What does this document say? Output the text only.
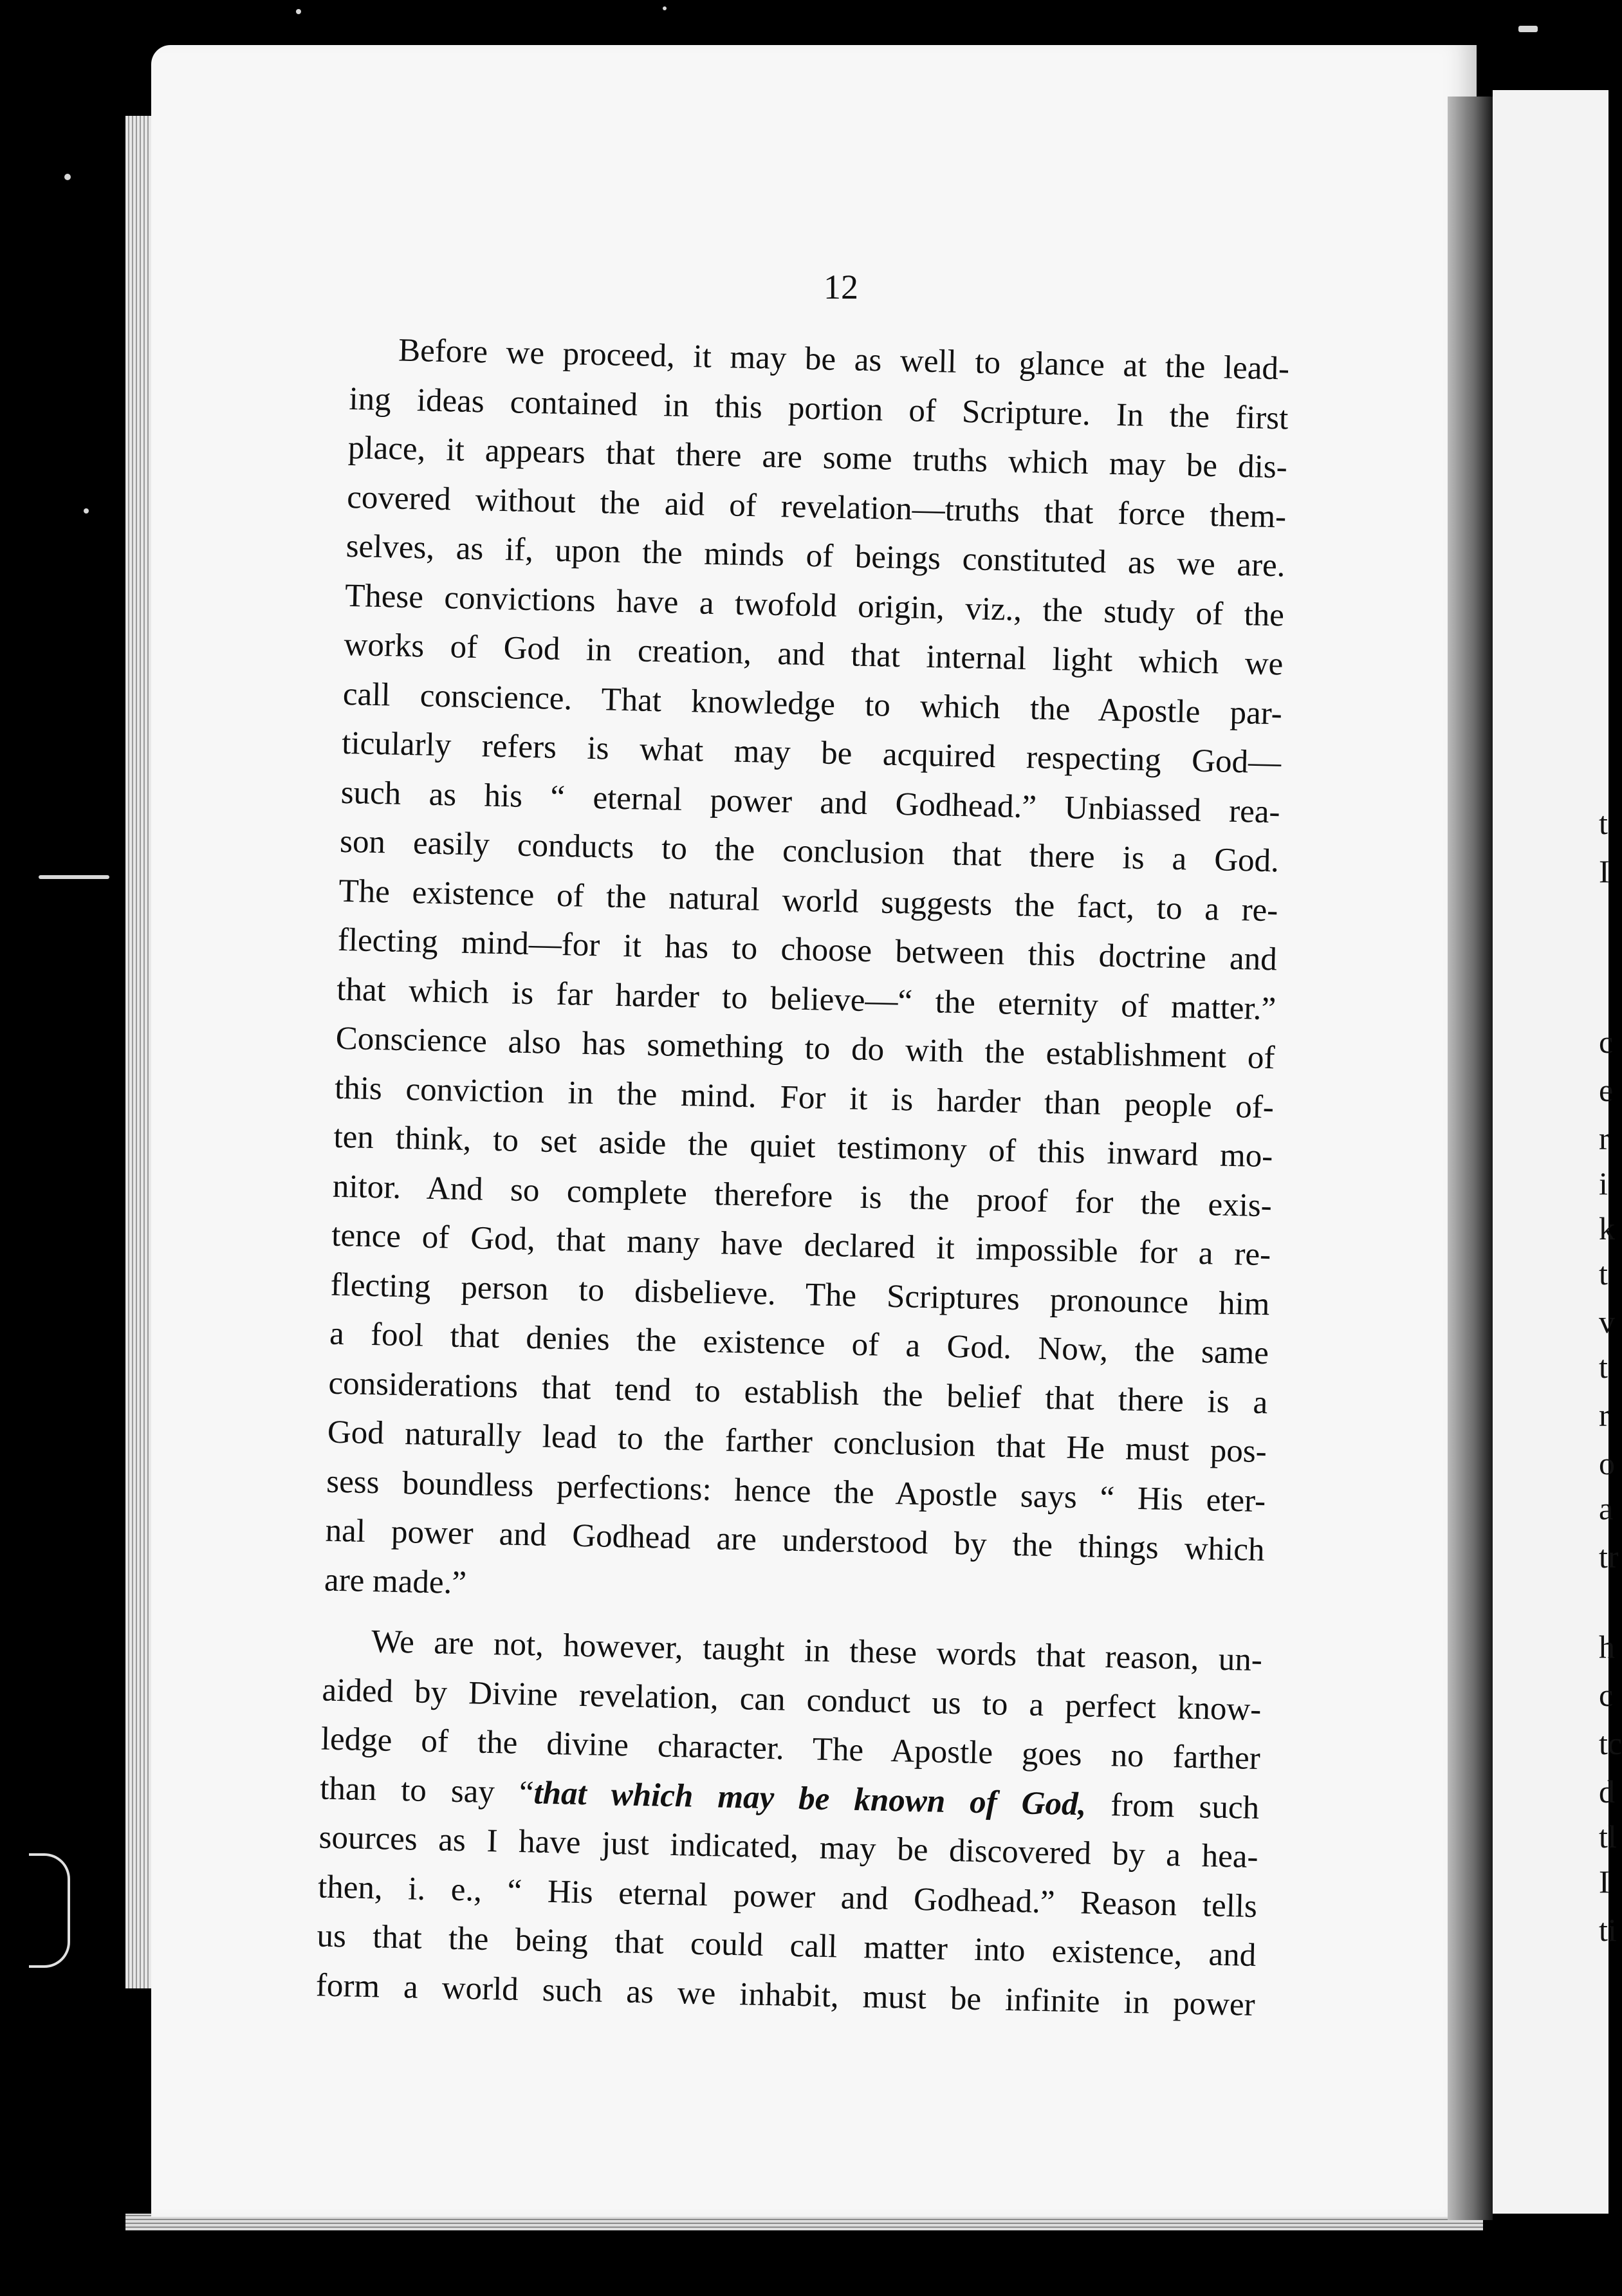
t
I
c
e
r
i
k
t
v
t
r
o
a
tr
h
c
tc
d
tl
I
ti
12
Before we proceed, it may be as well to glance at the lead-
ing ideas contained in this portion of Scripture. In the first
place, it appears that there are some truths which may be dis-
covered without the aid of revelation—truths that force them-
selves, as if, upon the minds of beings constituted as we are.
These convictions have a twofold origin, viz., the study of the
works of God in creation, and that internal light which we
call conscience. That knowledge to which the Apostle par-
ticularly refers is what may be acquired respecting God—
such as his “ eternal power and Godhead.” Unbiassed rea-
son easily conducts to the conclusion that there is a God.
The existence of the natural world suggests the fact, to a re-
flecting mind—for it has to choose between this doctrine and
that which is far harder to believe—“ the eternity of matter.”
Conscience also has something to do with the establishment of
this conviction in the mind. For it is harder than people of-
ten think, to set aside the quiet testimony of this inward mo-
nitor. And so complete therefore is the proof for the exis-
tence of God, that many have declared it impossible for a re-
flecting person to disbelieve. The Scriptures pronounce him
a fool that denies the existence of a God. Now, the same
considerations that tend to establish the belief that there is a
God naturally lead to the farther conclusion that He must pos-
sess boundless perfections: hence the Apostle says “ His eter-
nal power and Godhead are understood by the things which
are made.”
We are not, however, taught in these words that reason, un-
aided by Divine revelation, can conduct us to a perfect know-
ledge of the divine character. The Apostle goes no farther
than to say “that which may be known of God, from such
sources as I have just indicated, may be discovered by a hea-
then, i. e., “ His eternal power and Godhead.” Reason tells
us that the being that could call matter into existence, and
form a world such as we inhabit, must be infinite in power
